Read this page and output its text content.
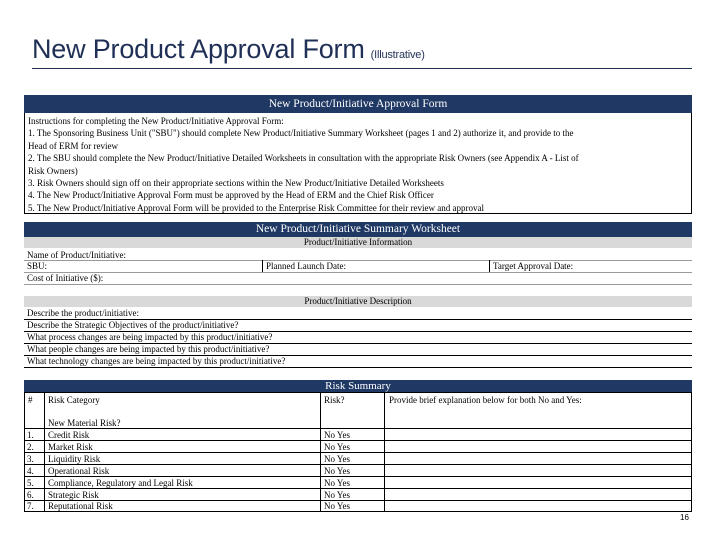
New Product Approval Form (Illustrative)
New Product/Initiative Approval Form

Instructions for completing the New Product/Initiative Approval Form:

1. The Sponsoring Business Unit ("SBU") should complete New Product/Initiative Summary Worksheet (pages 1 and 2) authorize it, and provide to the

Head of ERM for review

2. The SBU should complete the New Product/Initiative Detailed Worksheets in consultation with the appropriate Risk Owners (see Appendix A - List of

Risk Owners)

3. Risk Owners should sign off on their appropriate sections within the New Product/Initiative Detailed Worksheets

4. The New Product/Initiative Approval Form must be approved by the Head of ERM and the Chief Risk Officer

5. The New Product/Initiative Approval Form will be provided to the Enterprise Risk Committee for their review and approval

New Product/Initiative Summary Worksheet
Product/Initiative Information
Name of Product/Initiative:
SBU:	Planned Launch Date:	Target Approval Date:
Cost of Initiative ($):
Product/Initiative Description
Describe the product/initiative:
Describe the Strategic Objectives of the product/initiative?
What process changes are being impacted by this product/initiative?
What people changes are being impacted by this product/initiative?
What technology changes are being impacted by this product/initiative?
Risk Summary
# Risk Category	Risk?	Provide brief explanation below for both No and Yes:
New Material Risk?
1. Credit Risk	No Yes
2. Market Risk	No Yes
3. Liquidity Risk	No Yes
4. Operational Risk	No Yes
5. Compliance, Regulatory and Legal Risk	No Yes
6. Strategic Risk	No Yes
7. Reputational Risk	No Yes
16
